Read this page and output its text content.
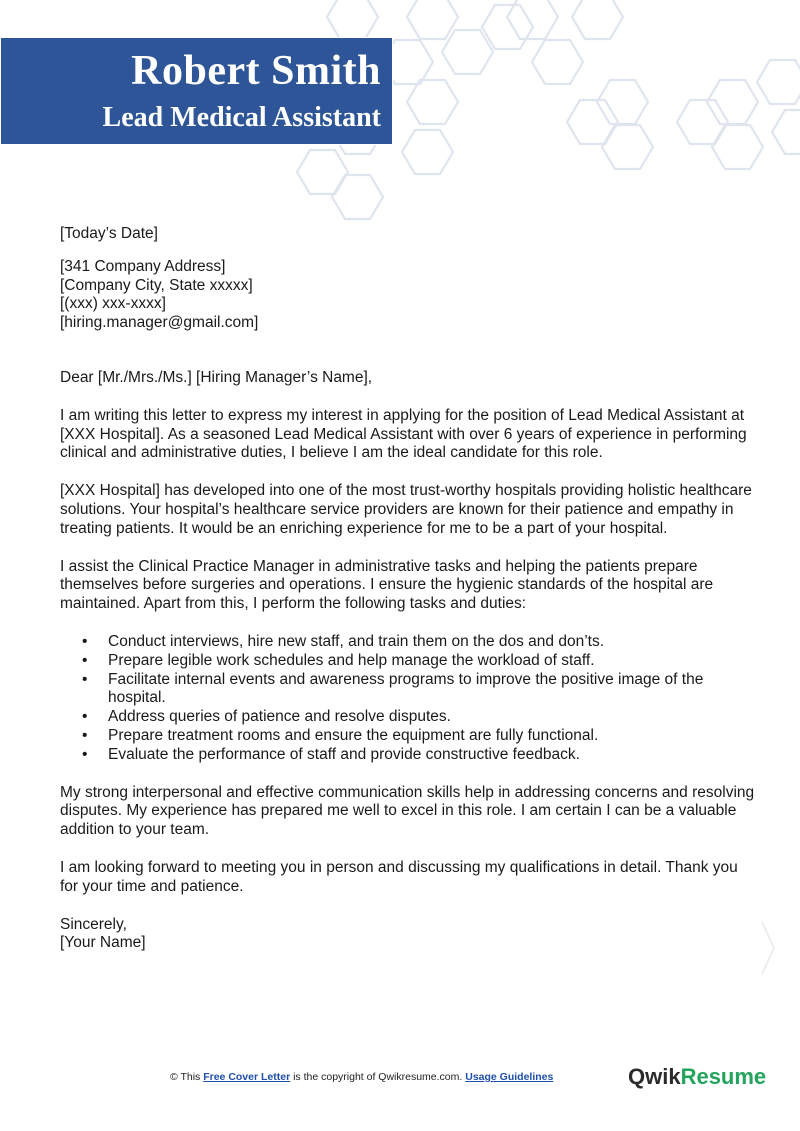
Robert Smith
Lead Medical Assistant

[Today’s Date]

[341 Company Address]
[Company City, State xxxxx]
[(xxx) xxx-xxxx]
[hiring.manager@gmail.com]

Dear [Mr./Mrs./Ms.] [Hiring Manager’s Name],

I am writing this letter to express my interest in applying for the position of Lead Medical Assistant at [XXX Hospital]. As a seasoned Lead Medical Assistant with over 6 years of experience in performing clinical and administrative duties, I believe I am the ideal candidate for this role.

[XXX Hospital] has developed into one of the most trust-worthy hospitals providing holistic healthcare solutions. Your hospital’s healthcare service providers are known for their patience and empathy in treating patients. It would be an enriching experience for me to be a part of your hospital.

I assist the Clinical Practice Manager in administrative tasks and helping the patients prepare themselves before surgeries and operations. I ensure the hygienic standards of the hospital are maintained. Apart from this, I perform the following tasks and duties:

• Conduct interviews, hire new staff, and train them on the dos and don’ts.
• Prepare legible work schedules and help manage the workload of staff.
• Facilitate internal events and awareness programs to improve the positive image of the hospital.
• Address queries of patience and resolve disputes.
• Prepare treatment rooms and ensure the equipment are fully functional.
• Evaluate the performance of staff and provide constructive feedback.

My strong interpersonal and effective communication skills help in addressing concerns and resolving disputes. My experience has prepared me well to excel in this role. I am certain I can be a valuable addition to your team.

I am looking forward to meeting you in person and discussing my qualifications in detail. Thank you for your time and patience.

Sincerely,

[Your Name]

© This Free Cover Letter is the copyright of Qwikresume.com. Usage Guidelines	QwikResume
